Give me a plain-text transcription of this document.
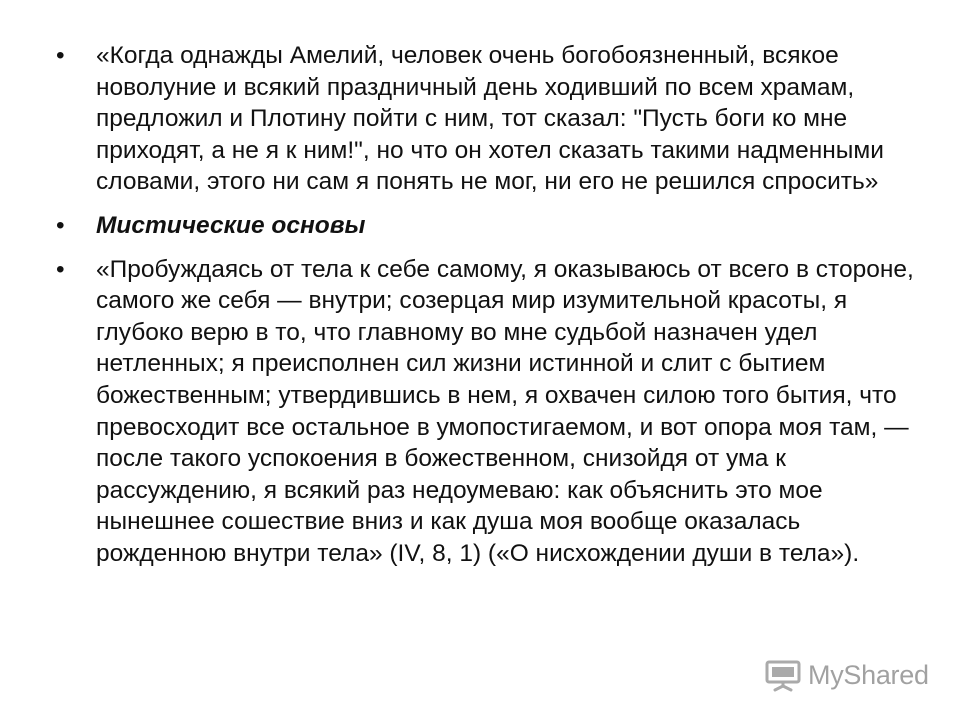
•	«Когда однажды Амелий, человек очень богобоязненный, всякое новолуние и всякий праздничный день ходивший по всем храмам, предложил и Плотину пойти с ним, тот сказал: "Пусть боги ко мне приходят, а не я к ним!", но что он хотел сказать такими надменными словами, этого ни сам я понять не мог, ни его не решился спросить»
•	Мистические основы
•	«Пробуждаясь от тела к себе самому, я оказываюсь от всего в стороне, самого же себя — внутри; созерцая мир изумительной красоты, я глубоко верю в то, что главному во мне судьбой назначен удел нетленных; я преисполнен сил жизни истинной и слит с бытием божественным; утвердившись в нем, я охвачен силою того бытия, что превосходит все остальное в умопостигаемом, и вот опора моя там, — после такого успокоения в божественном, снизойдя от ума к рассуждению, я всякий раз недоумеваю: как объяснить это мое нынешнее сошествие вниз и как душа моя вообще оказалась рожденною внутри тела» (IV, 8, 1) («О нисхождении души в тела»).
MyShared
